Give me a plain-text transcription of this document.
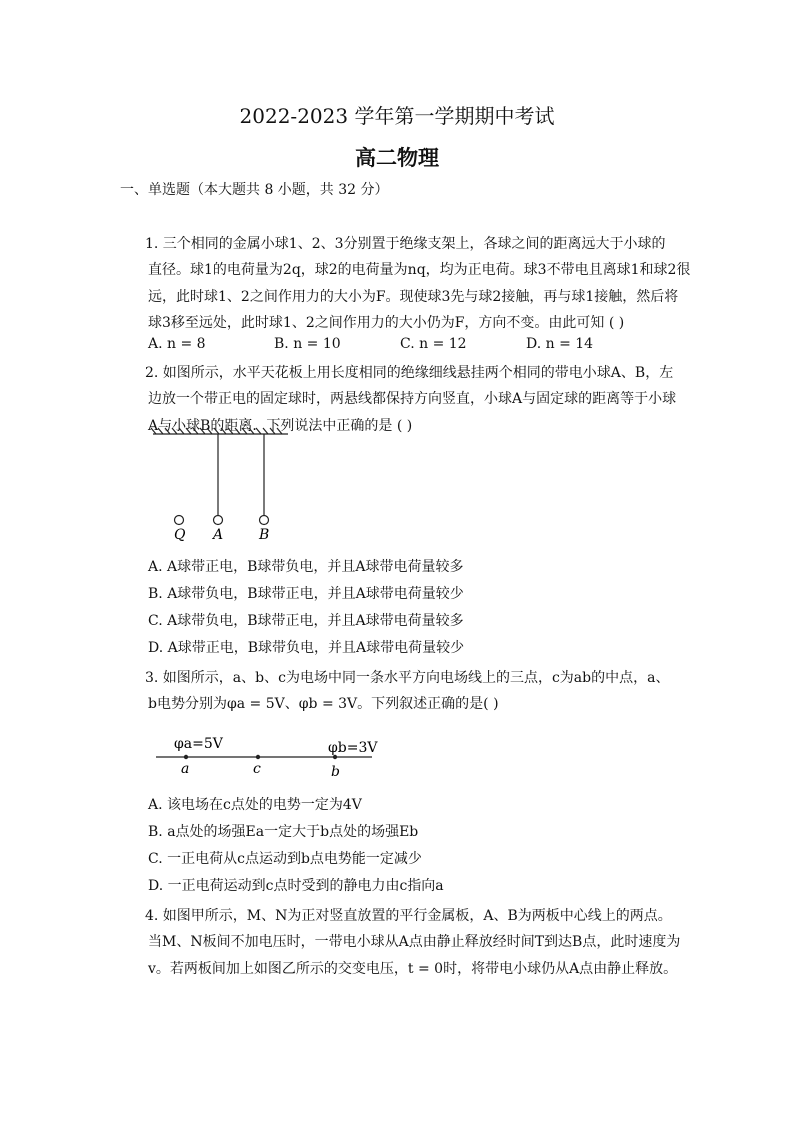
2022-2023 学年第一学期期中考试
高二物理
一、单选题（本大题共 8 小题，共 32 分）
1. 三个相同的金属小球1、2、3分别置于绝缘支架上，各球之间的距离远大于小球的
直径。球1的电荷量为2q，球2的电荷量为nq，均为正电荷。球3不带电且离球1和球2很
远，此时球1、2之间作用力的大小为F。现使球3先与球2接触，再与球1接触，然后将
球3移至远处，此时球1、2之间作用力的大小仍为F，方向不变。由此可知 ( )
A. n = 8	B. n = 10	C. n = 12	D. n = 14
2. 如图所示，水平天花板上用长度相同的绝缘细线悬挂两个相同的带电小球A、B，左
边放一个带正电的固定球时，两悬线都保持方向竖直，小球A与固定球的距离等于小球
A与小球B的距离．下列说法中正确的是 ( )
Q A	B
A. A球带正电，B球带负电，并且A球带电荷量较多
B. A球带负电，B球带正电，并且A球带电荷量较少
C. A球带负电，B球带正电，并且A球带电荷量较多
D. A球带正电，B球带负电，并且A球带电荷量较少
3. 如图所示，a、b、c为电场中同一条水平方向电场线上的三点，c为ab的中点，a、
b电势分别为φa = 5V、φb = 3V。下列叙述正确的是( )
φa=5V	φb=3V
a	c	b
A. 该电场在c点处的电势一定为4V
B. a点处的场强Ea一定大于b点处的场强Eb
C. 一正电荷从c点运动到b点电势能一定减少
D. 一正电荷运动到c点时受到的静电力由c指向a
4. 如图甲所示，M、N为正对竖直放置的平行金属板，A、B为两板中心线上的两点。
当M、N板间不加电压时，一带电小球从A点由静止释放经时间T到达B点，此时速度为
v。若两板间加上如图乙所示的交变电压，t = 0时，将带电小球仍从A点由静止释放。
